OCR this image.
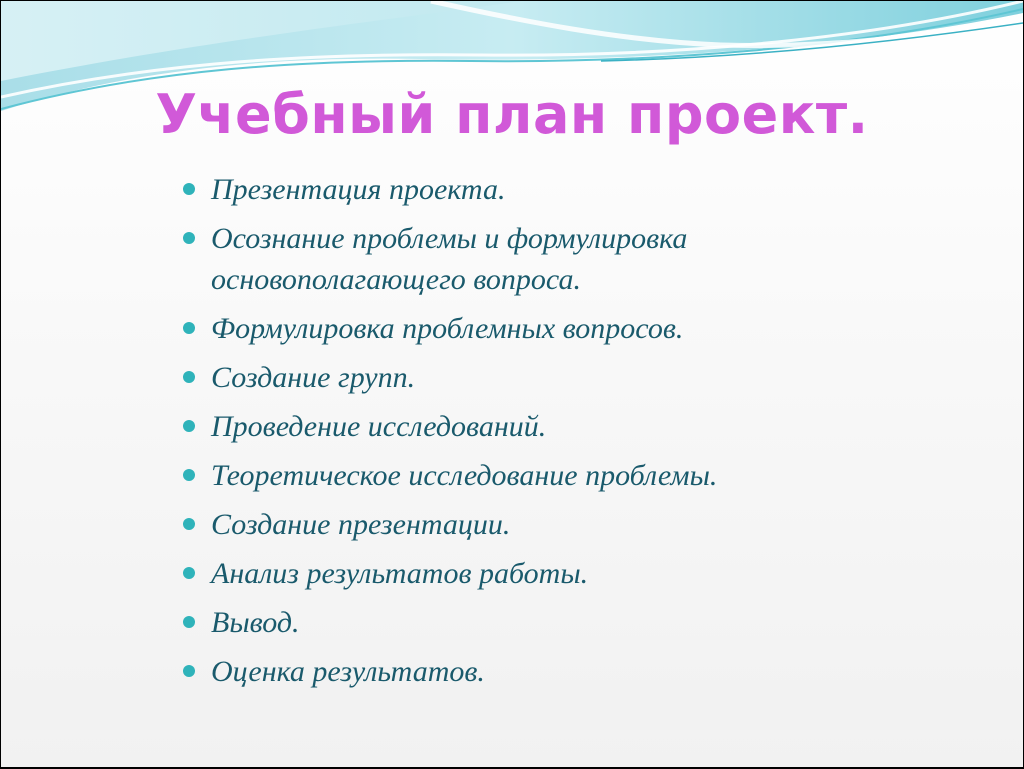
Учебный план проект.
Презентация проекта.
Осознание проблемы и формулировка основополагающего вопроса.
Формулировка проблемных вопросов.
Создание групп.
Проведение исследований.
Теоретическое исследование проблемы.
Создание презентации.
Анализ результатов работы.
Вывод.
Оценка результатов.
